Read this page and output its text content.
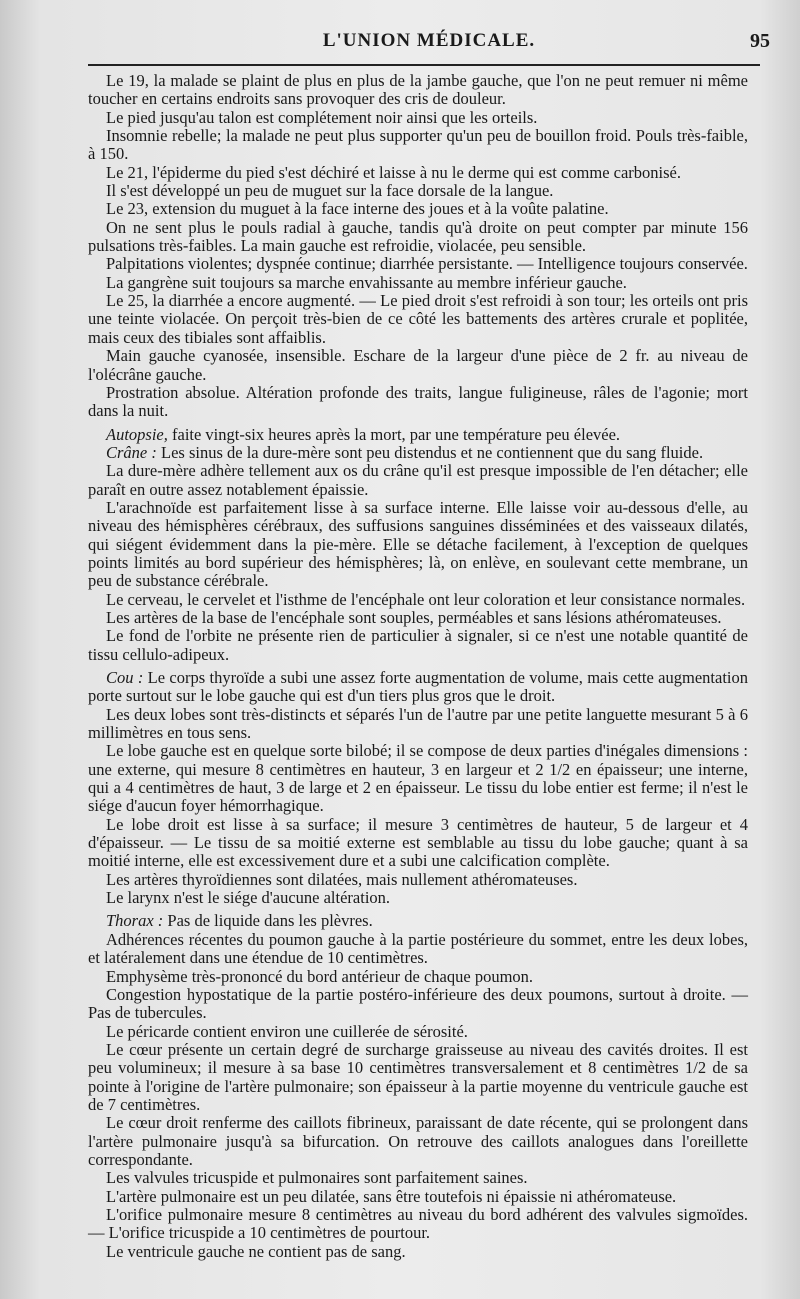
L'UNION MÉDICALE.	95

Le 19, la malade se plaint de plus en plus de la jambe gauche, que l'on ne peut remuer ni même toucher en certains endroits sans provoquer des cris de douleur.

Le pied jusqu'au talon est complétement noir ainsi que les orteils.

Insomnie rebelle; la malade ne peut plus supporter qu'un peu de bouillon froid. Pouls très-faible, à 150.

Le 21, l'épiderme du pied s'est déchiré et laisse à nu le derme qui est comme carbonisé.

Il s'est développé un peu de muguet sur la face dorsale de la langue.

Le 23, extension du muguet à la face interne des joues et à la voûte palatine.

On ne sent plus le pouls radial à gauche, tandis qu'à droite on peut compter par minute 156 pulsations très-faibles. La main gauche est refroidie, violacée, peu sensible.

Palpitations violentes; dyspnée continue; diarrhée persistante. — Intelligence toujours conservée.

La gangrène suit toujours sa marche envahissante au membre inférieur gauche.

Le 25, la diarrhée a encore augmenté. — Le pied droit s'est refroidi à son tour; les orteils ont pris une teinte violacée. On perçoit très-bien de ce côté les battements des artères crurale et poplitée, mais ceux des tibiales sont affaiblis.

Main gauche cyanosée, insensible. Eschare de la largeur d'une pièce de 2 fr. au niveau de l'olécrâne gauche.

Prostration absolue. Altération profonde des traits, langue fuligineuse, râles de l'agonie; mort dans la nuit.

Autopsie, faite vingt-six heures après la mort, par une température peu élevée.

Crâne : Les sinus de la dure-mère sont peu distendus et ne contiennent que du sang fluide.

La dure-mère adhère tellement aux os du crâne qu'il est presque impossible de l'en détacher; elle paraît en outre assez notablement épaissie.

L'arachnoïde est parfaitement lisse à sa surface interne. Elle laisse voir au-dessous d'elle, au niveau des hémisphères cérébraux, des suffusions sanguines disséminées et des vaisseaux dilatés, qui siégent évidemment dans la pie-mère. Elle se détache facilement, à l'exception de quelques points limités au bord supérieur des hémisphères; là, on enlève, en soulevant cette membrane, un peu de substance cérébrale.

Le cerveau, le cervelet et l'isthme de l'encéphale ont leur coloration et leur consistance normales.

Les artères de la base de l'encéphale sont souples, perméables et sans lésions athéromateuses.

Le fond de l'orbite ne présente rien de particulier à signaler, si ce n'est une notable quantité de tissu cellulo-adipeux.

Cou : Le corps thyroïde a subi une assez forte augmentation de volume, mais cette augmentation porte surtout sur le lobe gauche qui est d'un tiers plus gros que le droit.

Les deux lobes sont très-distincts et séparés l'un de l'autre par une petite languette mesurant 5 à 6 millimètres en tous sens.

Le lobe gauche est en quelque sorte bilobé; il se compose de deux parties d'inégales dimensions : une externe, qui mesure 8 centimètres en hauteur, 3 en largeur et 2 1/2 en épaisseur; une interne, qui a 4 centimètres de haut, 3 de large et 2 en épaisseur. Le tissu du lobe entier est ferme; il n'est le siége d'aucun foyer hémorrhagique.

Le lobe droit est lisse à sa surface; il mesure 3 centimètres de hauteur, 5 de largeur et 4 d'épaisseur. — Le tissu de sa moitié externe est semblable au tissu du lobe gauche; quant à sa moitié interne, elle est excessivement dure et a subi une calcification complète.

Les artères thyroïdiennes sont dilatées, mais nullement athéromateuses.

Le larynx n'est le siége d'aucune altération.

Thorax : Pas de liquide dans les plèvres.

Adhérences récentes du poumon gauche à la partie postérieure du sommet, entre les deux lobes, et latéralement dans une étendue de 10 centimètres.

Emphysème très-prononcé du bord antérieur de chaque poumon.

Congestion hypostatique de la partie postéro-inférieure des deux poumons, surtout à droite. — Pas de tubercules.

Le péricarde contient environ une cuillerée de sérosité.

Le cœur présente un certain degré de surcharge graisseuse au niveau des cavités droites. Il est peu volumineux; il mesure à sa base 10 centimètres transversalement et 8 centimètres 1/2 de sa pointe à l'origine de l'artère pulmonaire; son épaisseur à la partie moyenne du ventricule gauche est de 7 centimètres.

Le cœur droit renferme des caillots fibrineux, paraissant de date récente, qui se prolongent dans l'artère pulmonaire jusqu'à sa bifurcation. On retrouve des caillots analogues dans l'oreillette correspondante.

Les valvules tricuspide et pulmonaires sont parfaitement saines.

L'artère pulmonaire est un peu dilatée, sans être toutefois ni épaissie ni athéromateuse.

L'orifice pulmonaire mesure 8 centimètres au niveau du bord adhérent des valvules sigmoïdes. — L'orifice tricuspide a 10 centimètres de pourtour.

Le ventricule gauche ne contient pas de sang.
